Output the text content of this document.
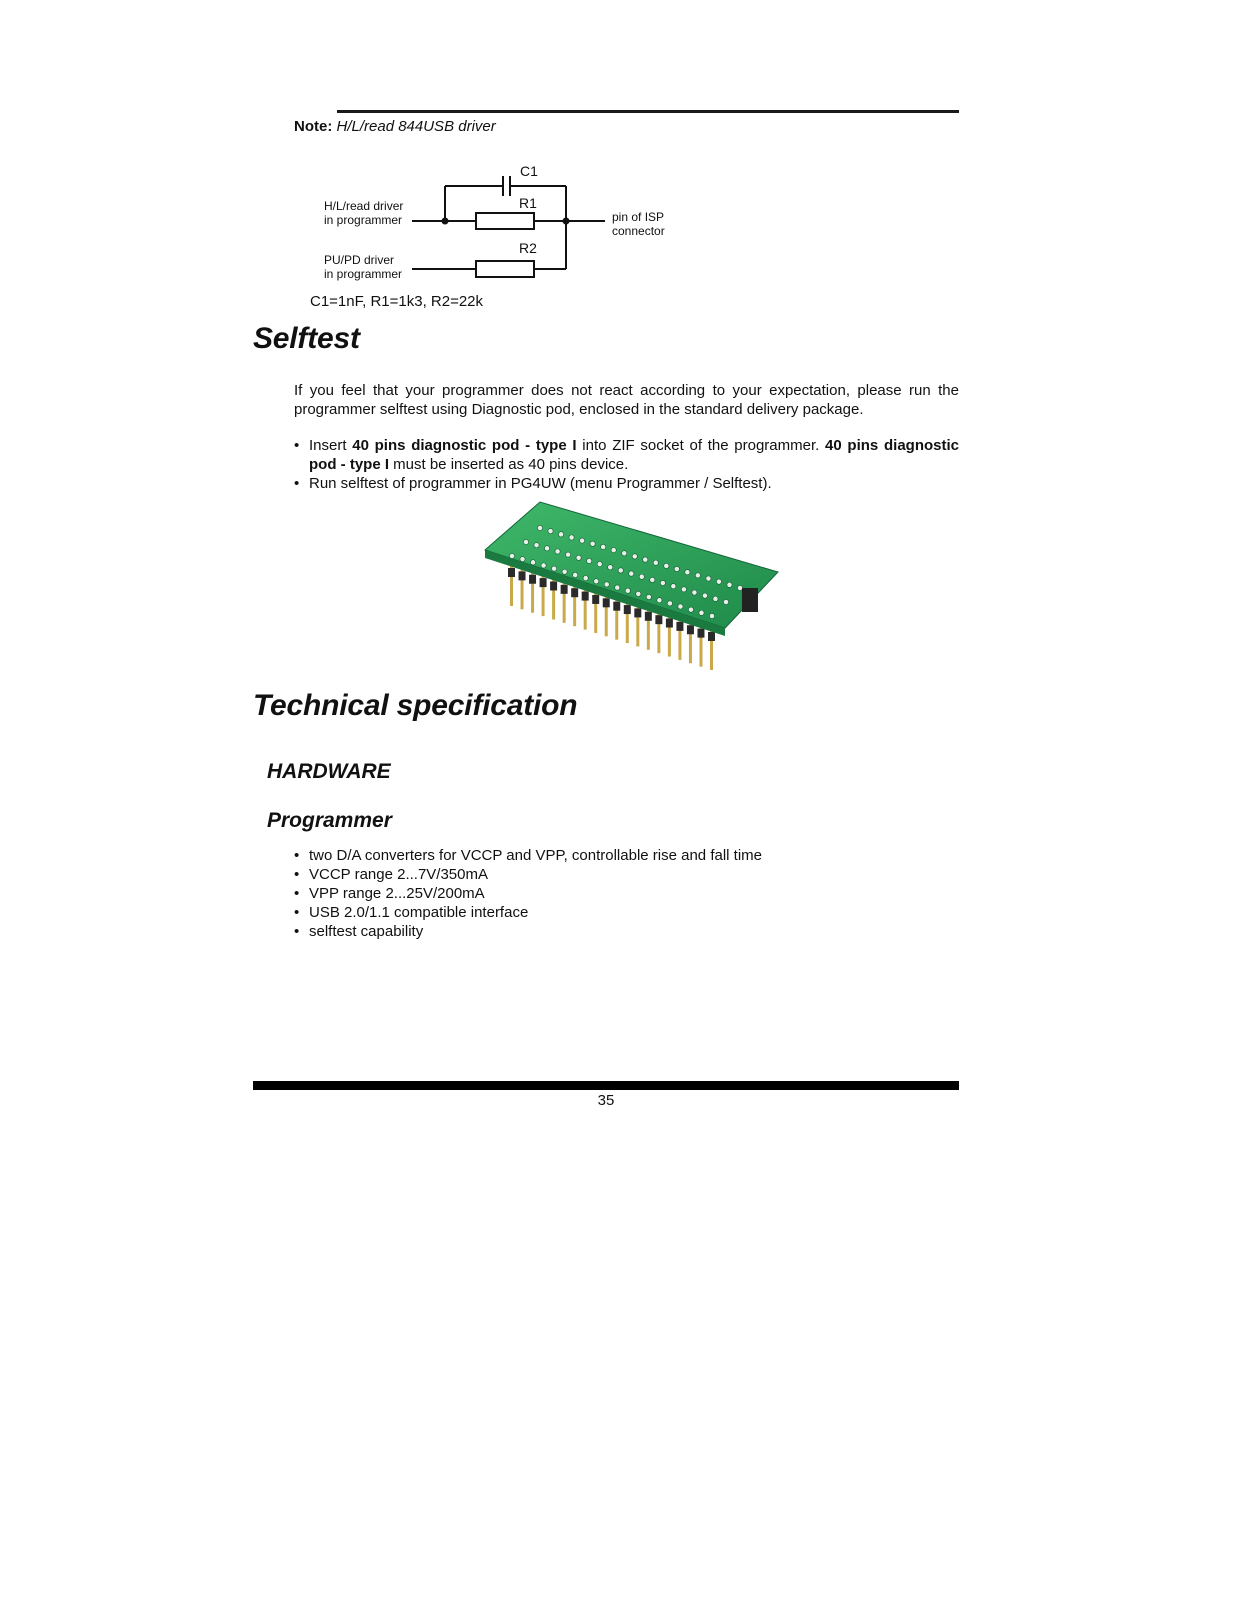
Note: H/L/read 844USB driver
C1
R1
R2
H/L/read driver
in programmer
PU/PD driver
in programmer
pin of ISP
connector
C1=1nF, R1=1k3, R2=22k
Selftest
If you feel that your programmer does not react according to your expectation, please run the programmer selftest using Diagnostic pod, enclosed in the standard delivery package.
• Insert 40 pins diagnostic pod - type I into ZIF socket of the programmer. 40 pins diagnostic pod - type I must be inserted as 40 pins device.
• Run selftest of programmer in PG4UW (menu Programmer / Selftest).
Technical specification
HARDWARE
Programmer
• two D/A converters for VCCP and VPP, controllable rise and fall time
• VCCP range 2...7V/350mA
• VPP range 2...25V/200mA
• USB 2.0/1.1 compatible interface
• selftest capability
35
